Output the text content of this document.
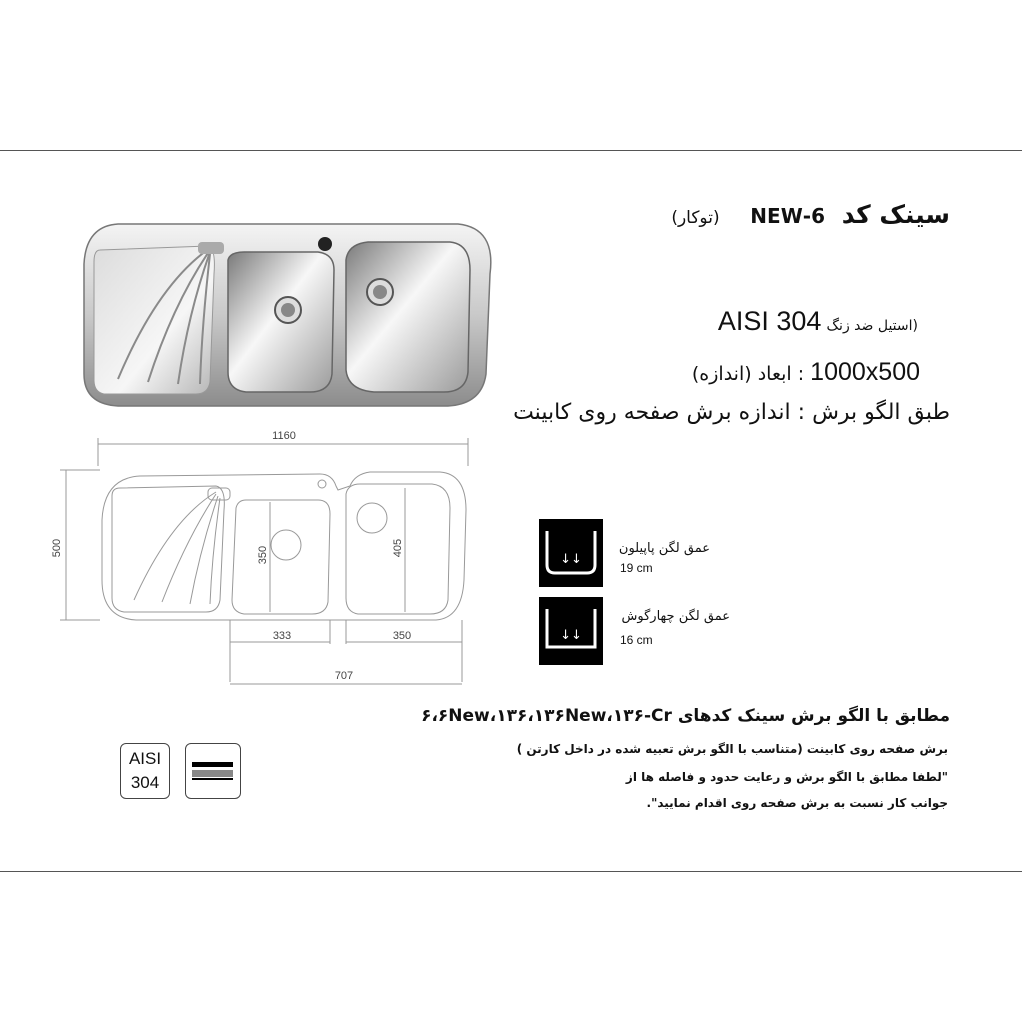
سینک کد 6-NEW (توکار)
AISI 304 (استیل ضد زنگ
: ابعاد (اندازه) 1000x500
طبق الگو برش : اندازه برش صفحه روی کابینت
1160
500	350	405
333	350
707
↓↓
عمق لگن پاپیلون
19 cm
↓↓
عمق لگن چهارگوش
16 cm
مطابق با الگو برش سینک کدهای ۶،۶New،۱۳۶،۱۳۶New،۱۳۶-Cr
برش صفحه روی کابینت (متناسب با الگو برش تعبیه شده در داخل کارتن )
"لطفا مطابق با الگو برش و رعایت حدود و فاصله ها از
جوانب کار نسبت به برش صفحه روی اقدام نمایید".
AISI
304
